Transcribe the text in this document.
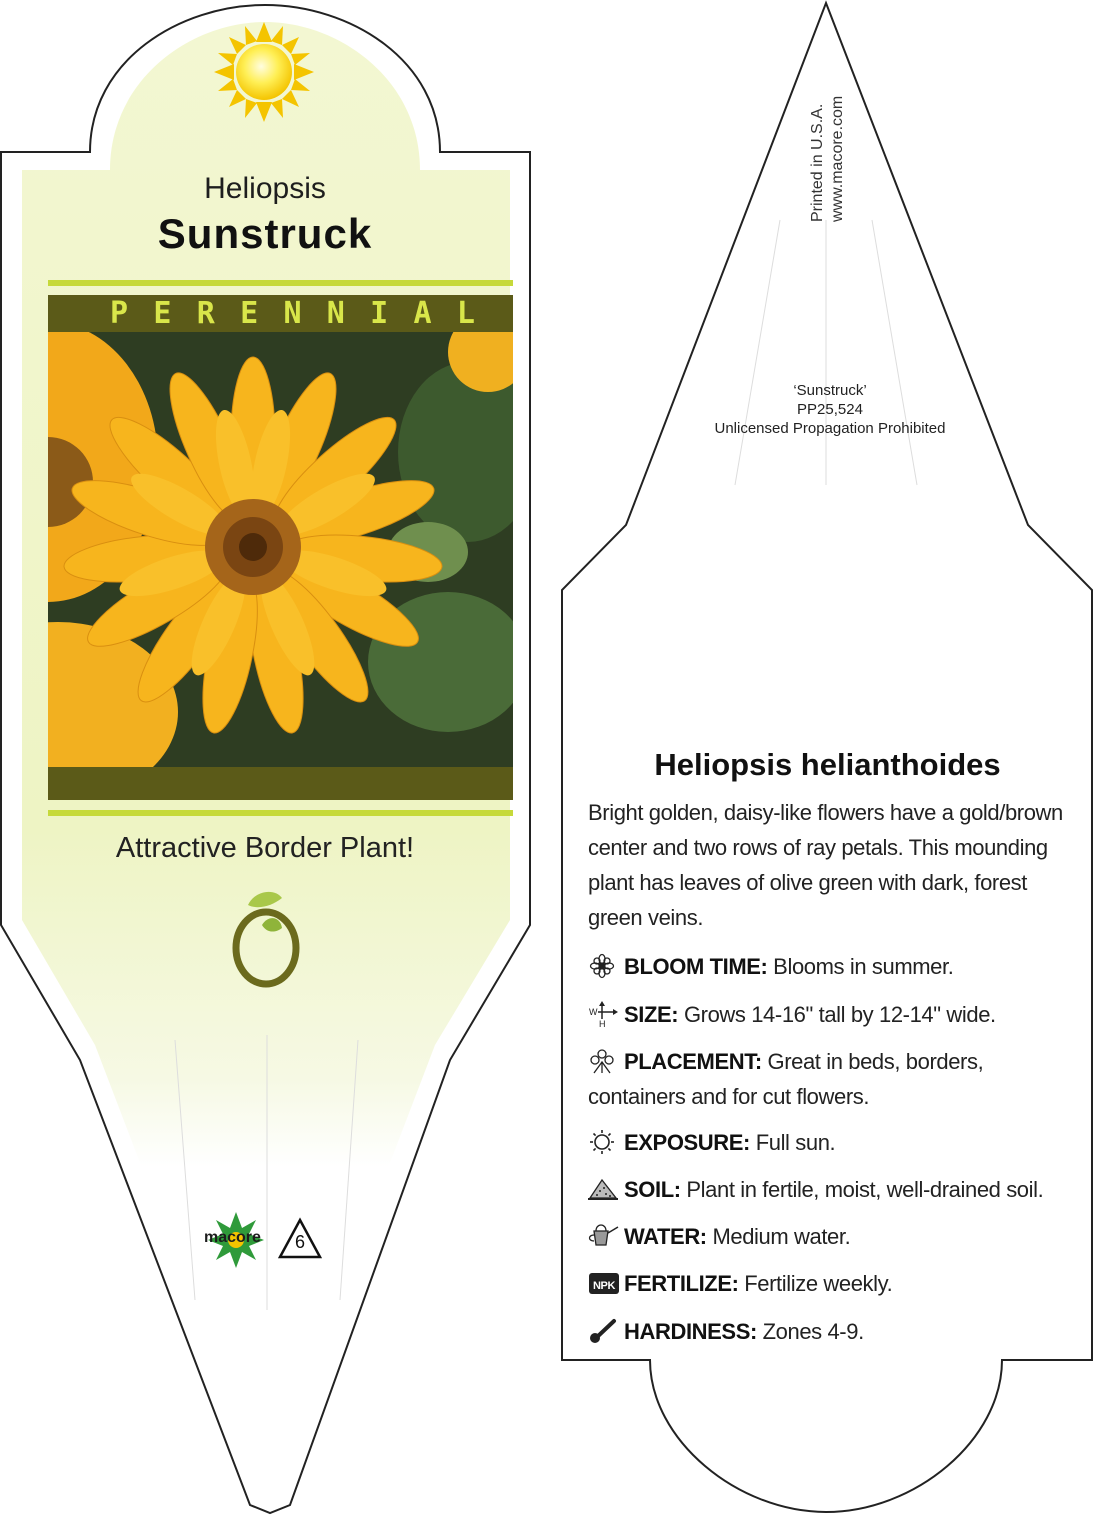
Heliopsis
Sunstruck
P E R E N N I A L
Attractive Border Plant!
macore	6
Printed in U.S.A. www.macore.com
‘Sunstruck’
PP25,524
Unlicensed Propagation Prohibited
Heliopsis helianthoides
Bright golden, daisy-like flowers have a gold/brown center and two rows of ray petals. This mounding plant has leaves of olive green with dark, forest green veins.
BLOOM TIME: Blooms in summer.
W
H SIZE: Grows 14-16" tall by 12-14" wide.
PLACEMENT: Great in beds, borders, containers and for cut flowers.
EXPOSURE: Full sun.
SOIL: Plant in fertile, moist, well-drained soil.
WATER: Medium water.
NPK FERTILIZE: Fertilize weekly.
HARDINESS: Zones 4-9.
